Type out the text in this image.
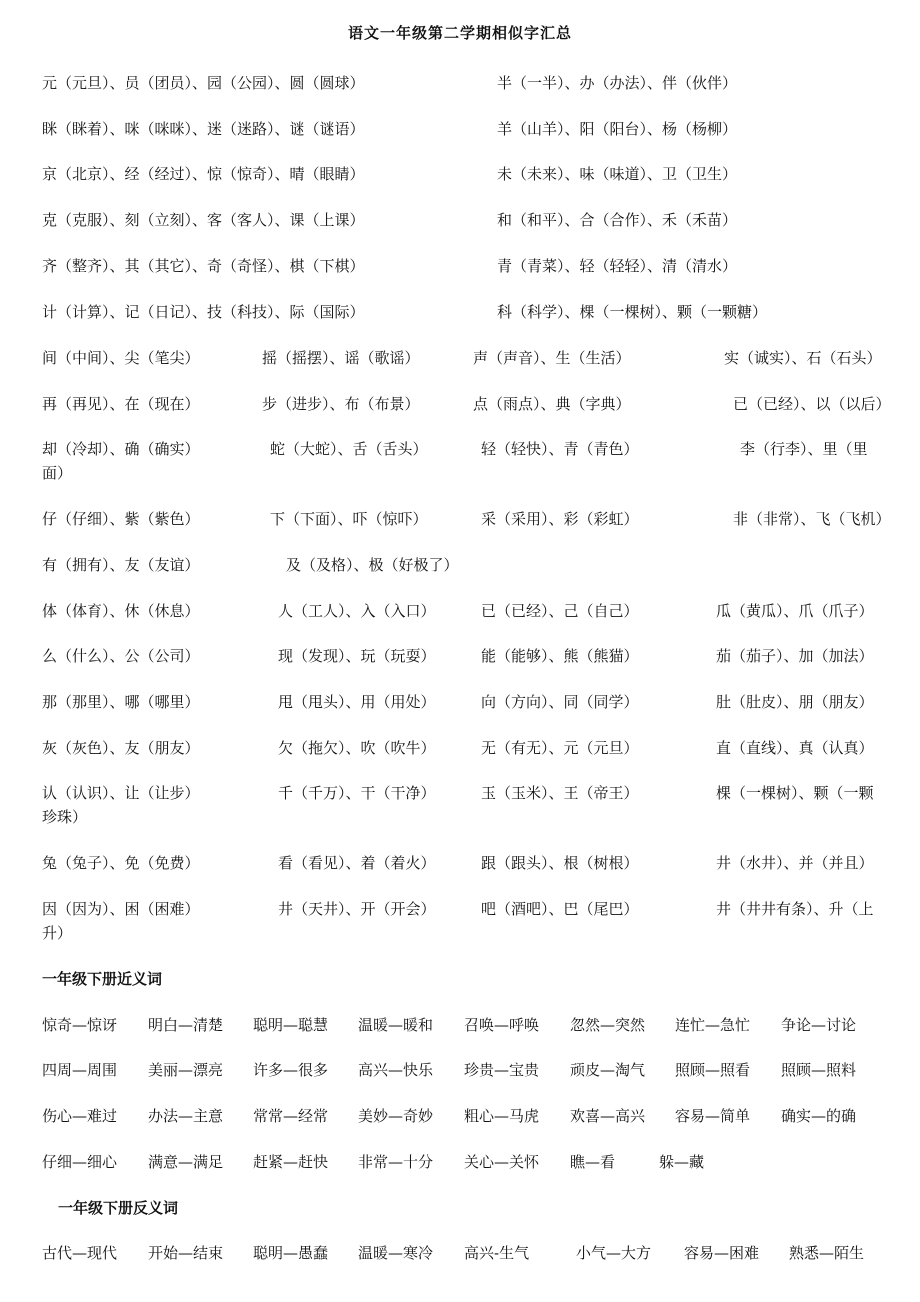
语文一年级第二学期相似字汇总
元（元旦）、员（团员）、园（公园）、圆（圆球）	半（一半）、办（办法）、伴（伙伴）
眯（眯着）、咪（咪咪）、迷（迷路）、谜（谜语）	羊（山羊）、阳（阳台）、杨（杨柳）
京（北京）、经（经过）、惊（惊奇）、晴（眼睛）	未（未来）、味（味道）、卫（卫生）
克（克服）、刻（立刻）、客（客人）、课（上课）	和（和平）、合（合作）、禾（禾苗）
齐（整齐）、其（其它）、奇（奇怪）、棋（下棋）	青（青菜）、轻（轻轻）、清（清水）
计（计算）、记（日记）、技（科技）、际（国际）	科（科学）、棵（一棵树）、颗（一颗糖）
间（中间）、尖（笔尖）	摇（摇摆）、谣（歌谣）	声（声音）、生（生活）	实（诚实）、石（石头）
再（再见）、在（现在）	步（进步）、布（布景）	点（雨点）、典（字典）	已（已经）、以（以后）
却（冷却）、确（确实）	蛇（大蛇）、舌（舌头）	轻（轻快）、青（青色）	李（行李）、里（里
面）
仔（仔细）、紫（紫色）	下（下面）、吓（惊吓）	采（采用）、彩（彩虹）	非（非常）、飞（飞机）
有（拥有）、友（友谊）	及（及格）、极（好极了）
体（体育）、休（休息）	人（工人）、入（入口）	已（已经）、己（自己）	瓜（黄瓜）、爪（爪子）
么（什么）、公（公司）	现（发现）、玩（玩耍）	能（能够）、熊（熊猫）	茄（茄子）、加（加法）
那（那里）、哪（哪里）	甩（甩头）、用（用处）	向（方向）、同（同学）	肚（肚皮）、朋（朋友）
灰（灰色）、友（朋友）	欠（拖欠）、吹（吹牛）	无（有无）、元（元旦）	直（直线）、真（认真）
认（认识）、让（让步）	千（千万）、干（干净）	玉（玉米）、王（帝王）	棵（一棵树）、颗（一颗
珍珠）
兔（兔子）、免（免费）	看（看见）、着（着火）	跟（跟头）、根（树根）	井（水井）、并（并且）
因（因为）、困（困难）	井（天井）、开（开会）	吧（酒吧）、巴（尾巴）	井（井井有条）、升（上
升）
一年级下册近义词
惊奇—惊讶 明白—清楚 聪明—聪慧 温暖—暖和 召唤—呼唤 忽然—突然 连忙—急忙 争论—讨论
四周—周围 美丽—漂亮 许多—很多 高兴—快乐 珍贵—宝贵 顽皮—淘气 照顾—照看 照顾—照料
伤心—难过 办法—主意 常常—经常 美妙—奇妙 粗心—马虎 欢喜—高兴 容易—简单 确实—的确
仔细—细心 满意—满足 赶紧—赶快 非常—十分 关心—关怀 瞧—看	躲—藏
一年级下册反义词
古代—现代 开始—结束 聪明—愚蠢 温暖—寒冷 高兴-生气	小气—大方 容易—困难 熟悉—陌生
